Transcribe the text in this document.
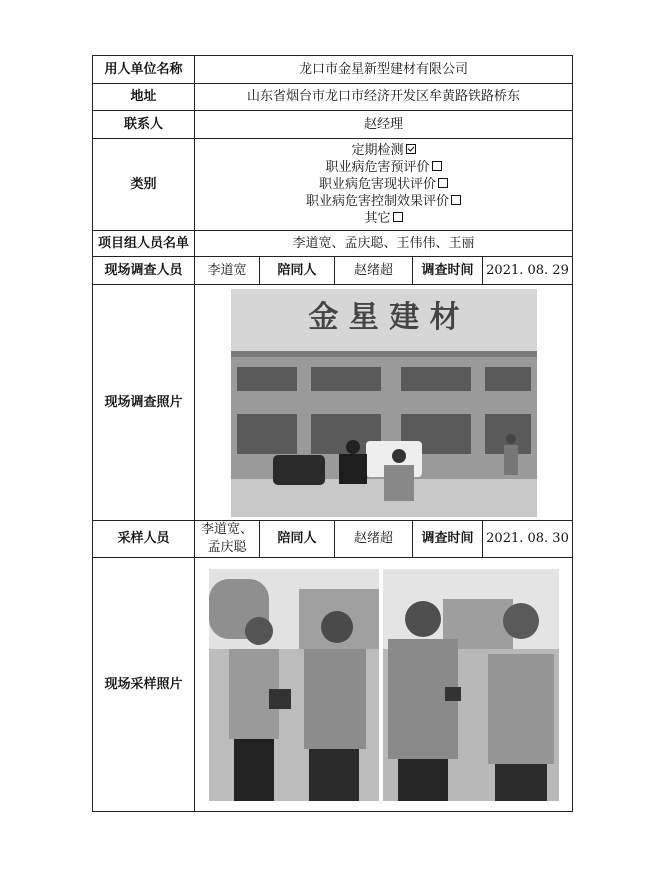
用人单位名称	龙口市金星新型建材有限公司				
地址	山东省烟台市龙口市经济开发区牟黄路铁路桥东				
联系人	赵经理				
类别	定期检测
职业病危害预评价
职业病危害现状评价
职业病危害控制效果评价
其它				

项目组人员名单	李道宽、孟庆聪、王伟伟、王丽				
现场调查人员	李道宽	陪同人	赵绪超	调查时间	2021. 08. 29
现场调查照片	金 星 建 材				

采样人员	李道宽、孟庆聪	陪同人	赵绪超	调查时间	2021. 08. 30
现场采样照片	
